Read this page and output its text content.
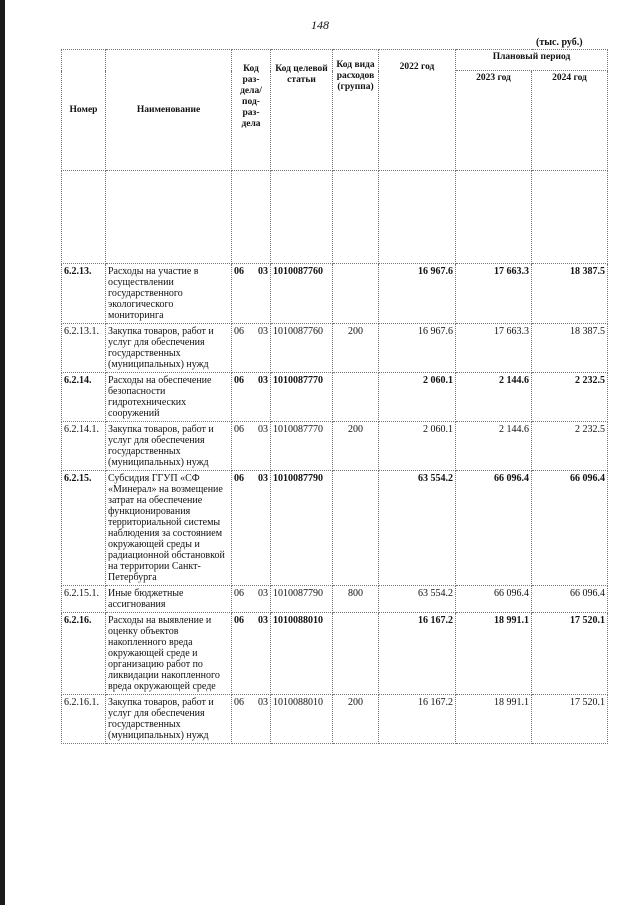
148
(тыс. руб.)
Номер	Наименование	Код раз-дела/ под-раз-дела	Код целевой статьи	Код вида расходов (группа)	2022 год	Плановый период	
						2023 год	2024 год

6.2.13.	Расходы на участие в осуществлении государственного экологического мониторинга	06 03	1010087760		16 967.6	17 663.3	18 387.5
6.2.13.1.	Закупка товаров, работ и услуг для обеспечения государственных (муниципальных) нужд	06 03	1010087760	200	16 967.6	17 663.3	18 387.5
6.2.14.	Расходы на обеспечение безопасности гидротехнических сооружений	06 03	1010087770		2 060.1	2 144.6	2 232.5
6.2.14.1.	Закупка товаров, работ и услуг для обеспечения государственных (муниципальных) нужд	06 03	1010087770	200	2 060.1	2 144.6	2 232.5
6.2.15.	Субсидия ГГУП «СФ «Минерал» на возмещение затрат на обеспечение функционирования территориальной системы наблюдения за состоянием окружающей среды и радиационной обстановкой на территории Санкт-Петербурга	06 03	1010087790		63 554.2	66 096.4	66 096.4
6.2.15.1.	Иные бюджетные ассигнования	06 03	1010087790	800	63 554.2	66 096.4	66 096.4
6.2.16.	Расходы на выявление и оценку объектов накопленного вреда окружающей среде и организацию работ по ликвидации накопленного вреда окружающей среде	06 03	1010088010		16 167.2	18 991.1	17 520.1
6.2.16.1.	Закупка товаров, работ и услуг для обеспечения государственных (муниципальных) нужд	06 03	1010088010	200	16 167.2	18 991.1	17 520.1
